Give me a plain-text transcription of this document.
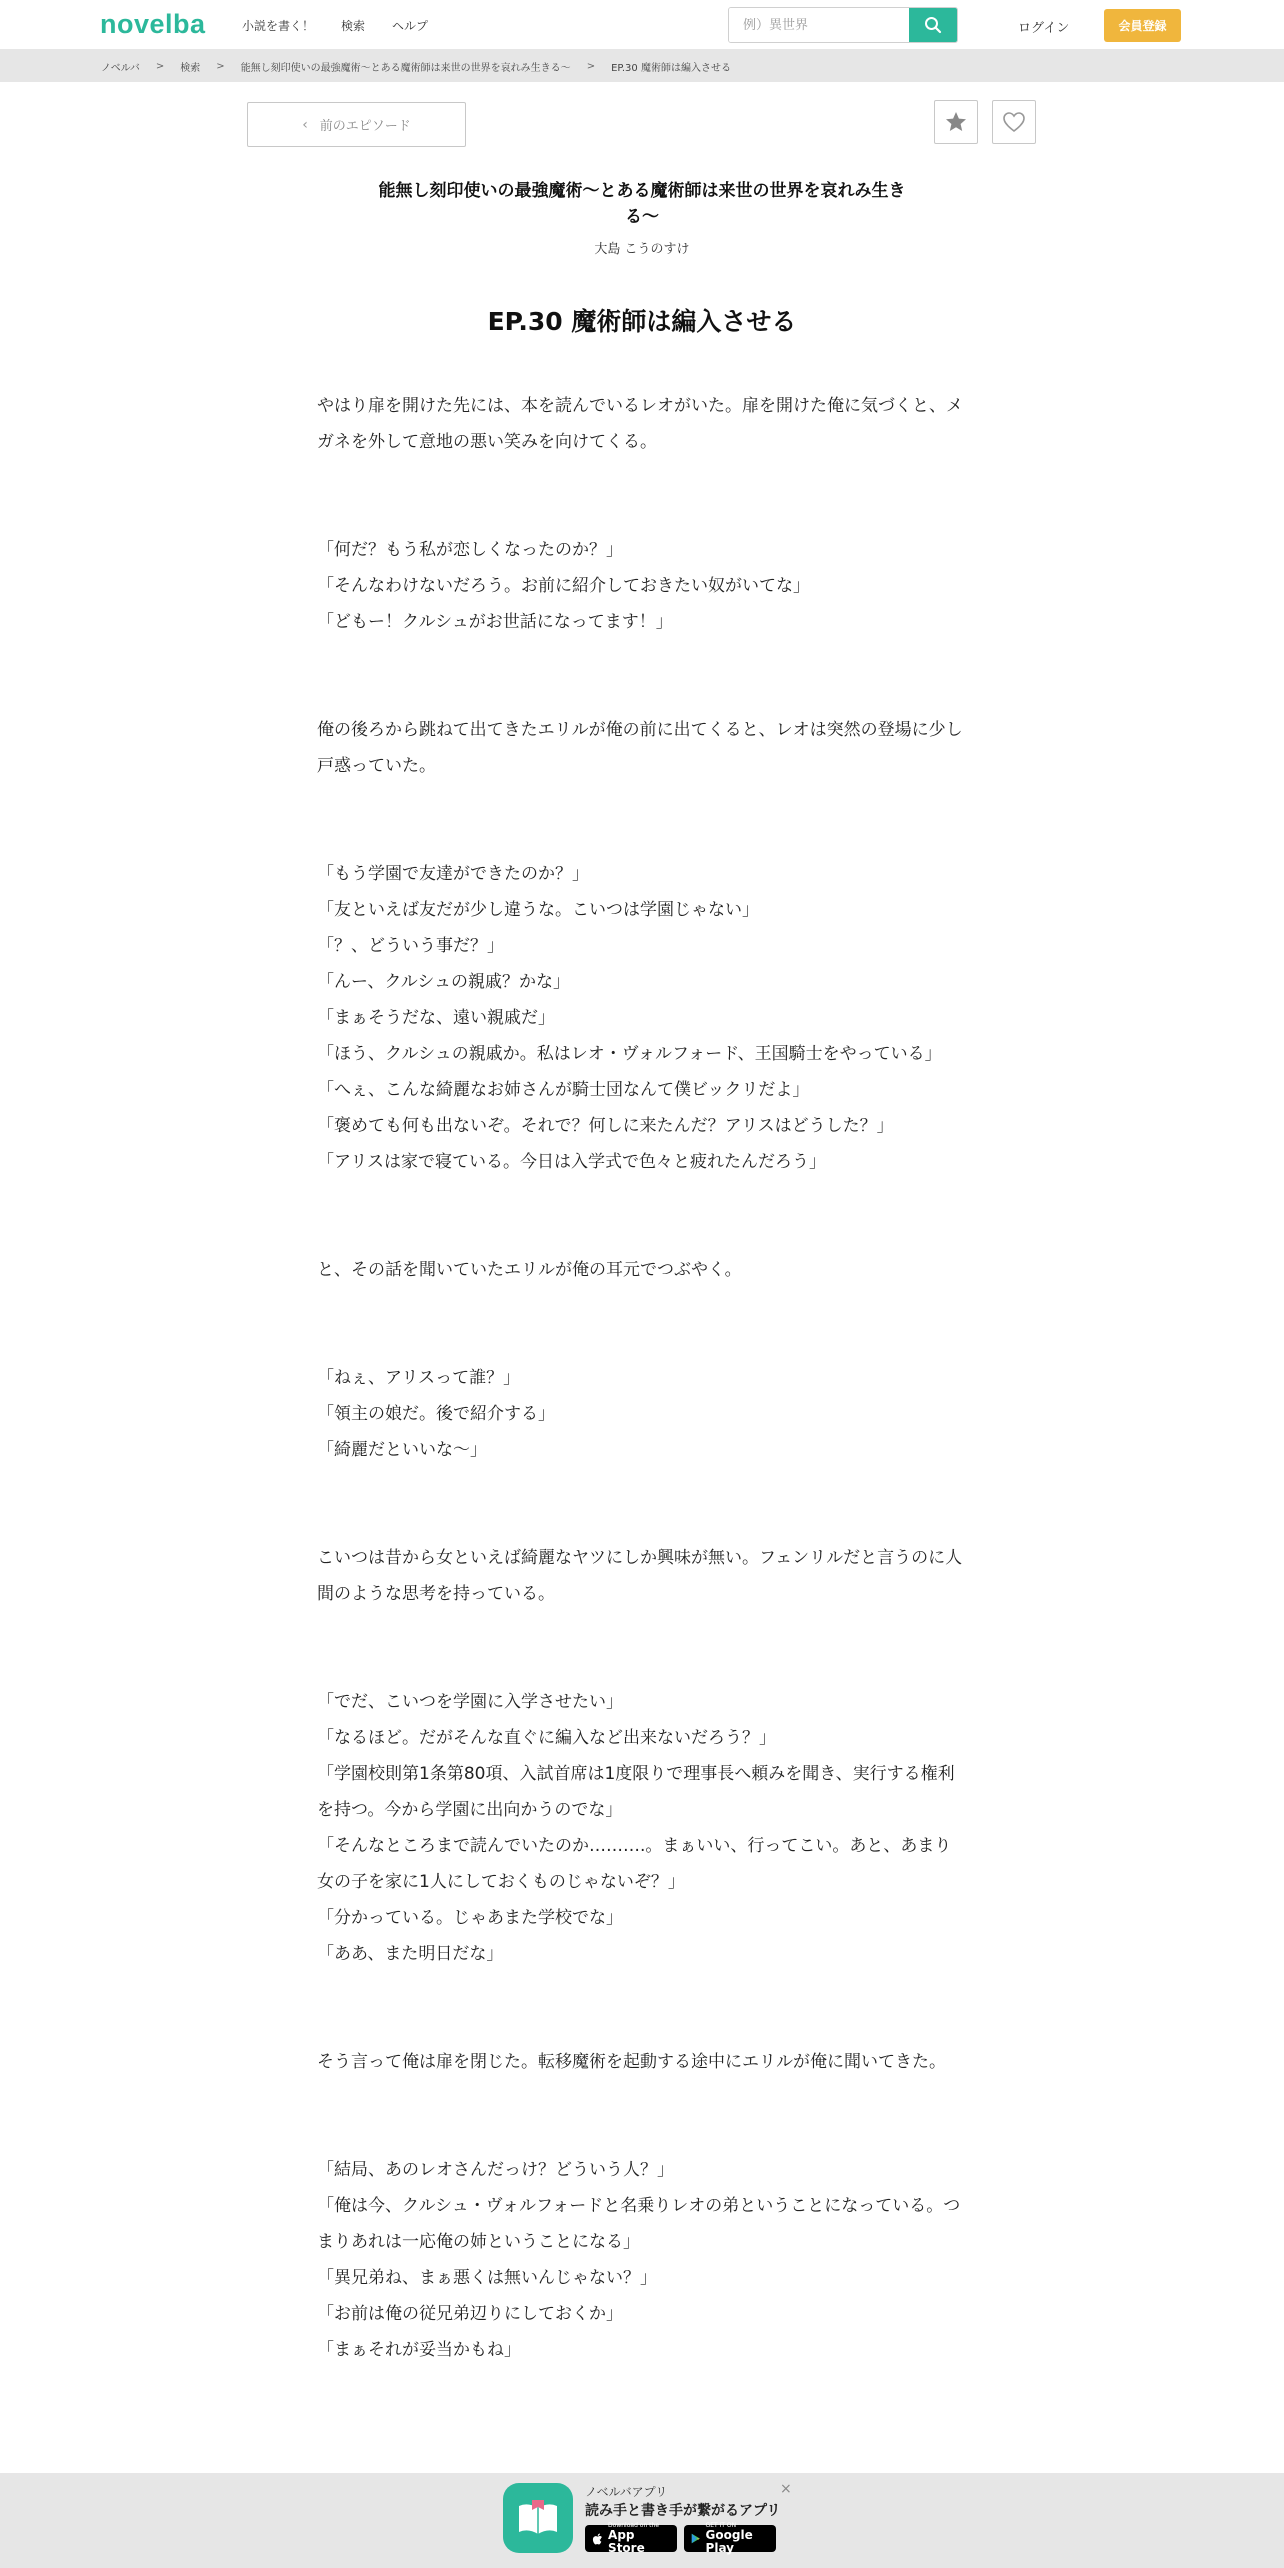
novelba	小説を書く！ 検索 ヘルプ
例）異世界	ログイン	会員登録
ノベルバ > 検索 > 能無し刻印使いの最強魔術〜とある魔術師は来世の世界を哀れみ生きる〜 > EP.30 魔術師は編入させる
‹ 前のエピソード
能無し刻印使いの最強魔術〜とある魔術師は来世の世界を哀れみ生きる〜
大島 こうのすけ
EP.30 魔術師は編入させる
やはり扉を開けた先には、本を読んでいるレオがいた。扉を開けた俺に気づくと、メガネを外して意地の悪い笑みを向けてくる。

「何だ？もう私が恋しくなったのか？」
「そんなわけないだろう。お前に紹介しておきたい奴がいてな」
「どもー！クルシュがお世話になってます！」

俺の後ろから跳ねて出てきたエリルが俺の前に出てくると、レオは突然の登場に少し戸惑っていた。

「もう学園で友達ができたのか？」
「友といえば友だが少し違うな。こいつは学園じゃない」
「？、どういう事だ？」
「んー、クルシュの親戚？かな」
「まぁそうだな、遠い親戚だ」
「ほう、クルシュの親戚か。私はレオ・ヴォルフォード、王国騎士をやっている」
「へぇ、こんな綺麗なお姉さんが騎士団なんて僕ビックリだよ」
「褒めても何も出ないぞ。それで？何しに来たんだ？アリスはどうした？」
「アリスは家で寝ている。今日は入学式で色々と疲れたんだろう」

と、その話を聞いていたエリルが俺の耳元でつぶやく。

「ねぇ、アリスって誰？」
「領主の娘だ。後で紹介する」
「綺麗だといいな〜」

こいつは昔から女といえば綺麗なヤツにしか興味が無い。フェンリルだと言うのに人間のような思考を持っている。

「でだ、こいつを学園に入学させたい」
「なるほど。だがそんな直ぐに編入など出来ないだろう？」
「学園校則第1条第80項、入試首席は1度限りで理事長へ頼みを聞き、実行する権利を持つ。今から学園に出向かうのでな」
「そんなところまで読んでいたのか……….。まぁいい、行ってこい。あと、あまり女の子を家に1人にしておくものじゃないぞ？」
「分かっている。じゃあまた学校でな」
「ああ、また明日だな」

そう言って俺は扉を閉じた。転移魔術を起動する途中にエリルが俺に聞いてきた。

「結局、あのレオさんだっけ？どういう人？」
「俺は今、クルシュ・ヴォルフォードと名乗りレオの弟ということになっている。つまりあれは一応俺の姉ということになる」
「異兄弟ね、まぁ悪くは無いんじゃない？」
「お前は俺の従兄弟辺りにしておくか」
「まぁそれが妥当かもね」
ノベルバアプリ
読み手と書き手が繋がるアプリ
Download on the
App Store
GET IT ON
Google Play
×
